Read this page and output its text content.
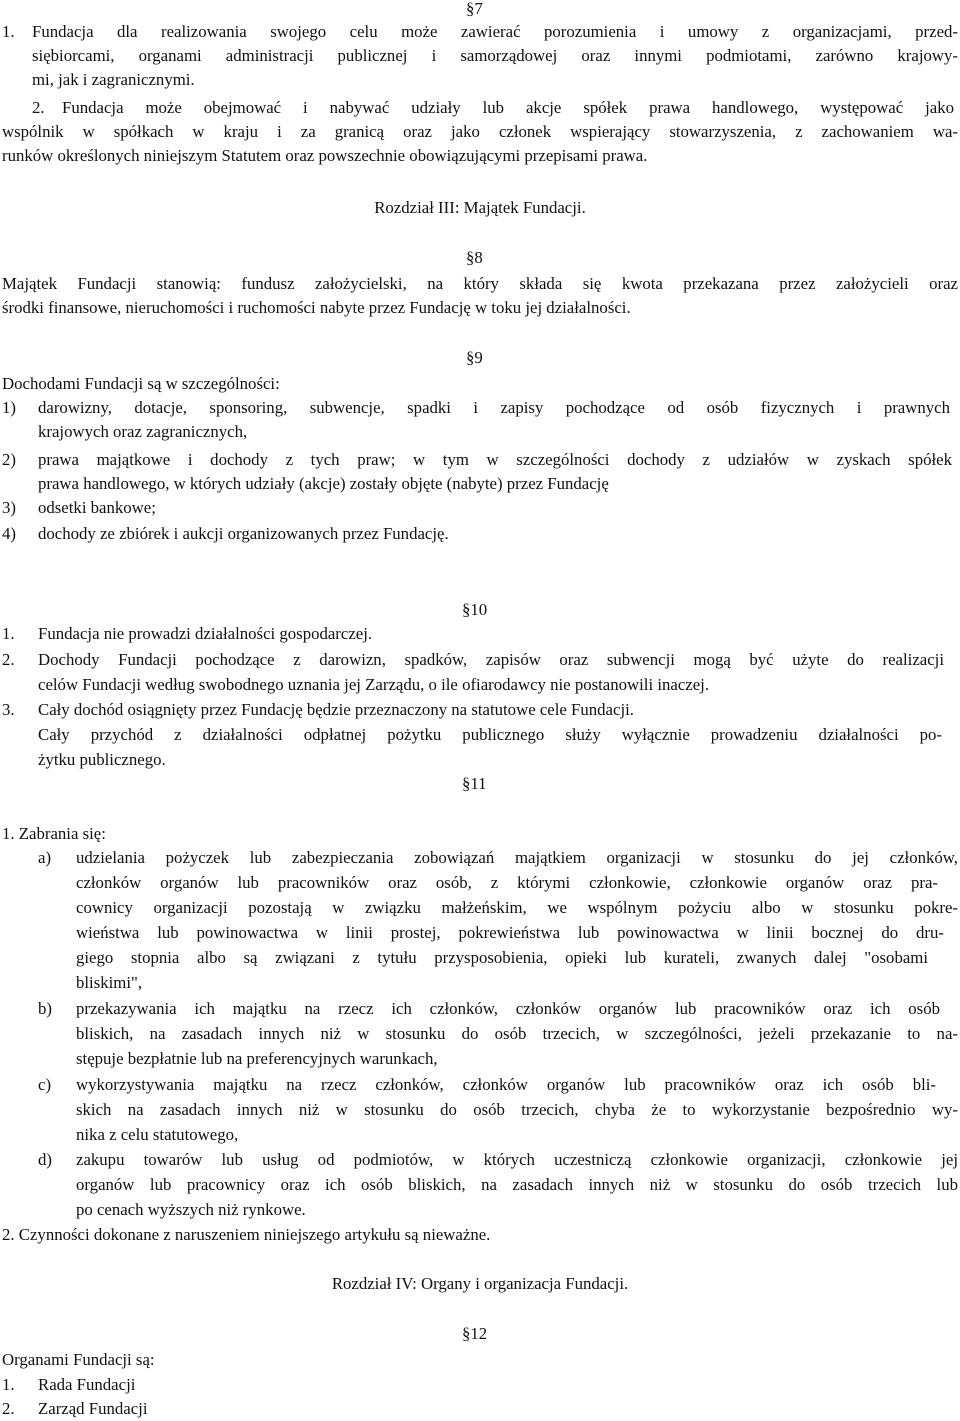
§7
1. Fundacja dla realizowania swojego celu może zawierać porozumienia i umowy z organizacjami, przed-
siębiorcami, organami administracji publicznej i samorządowej oraz innymi podmiotami, zarówno krajowy-
mi, jak i zagranicznymi.
2. Fundacja może obejmować i nabywać udziały lub akcje spółek prawa handlowego, występować jako
wspólnik w spółkach w kraju i za granicą oraz jako członek wspierający stowarzyszenia, z zachowaniem wa-
runków określonych niniejszym Statutem oraz powszechnie obowiązującymi przepisami prawa.
Rozdział III: Majątek Fundacji.
§8
Majątek Fundacji stanowią: fundusz założycielski, na który składa się kwota przekazana przez założycieli oraz
środki finansowe, nieruchomości i ruchomości nabyte przez Fundację w toku jej działalności.
§9
Dochodami Fundacji są w szczególności:
1) darowizny, dotacje, sponsoring, subwencje, spadki i zapisy pochodzące od osób fizycznych i prawnych
krajowych oraz zagranicznych,
2) prawa majątkowe i dochody z tych praw; w tym w szczególności dochody z udziałów w zyskach spółek
prawa handlowego, w których udziały (akcje) zostały objęte (nabyte) przez Fundację
3) odsetki bankowe;
4) dochody ze zbiórek i aukcji organizowanych przez Fundację.
§10
1. Fundacja nie prowadzi działalności gospodarczej.
2. Dochody Fundacji pochodzące z darowizn, spadków, zapisów oraz subwencji mogą być użyte do realizacji
celów Fundacji według swobodnego uznania jej Zarządu, o ile ofiarodawcy nie postanowili inaczej.
3. Cały dochód osiągnięty przez Fundację będzie przeznaczony na statutowe cele Fundacji.
Cały przychód z działalności odpłatnej pożytku publicznego służy wyłącznie prowadzeniu działalności po-
żytku publicznego.
§11
1. Zabrania się:
a) udzielania pożyczek lub zabezpieczania zobowiązań majątkiem organizacji w stosunku do jej członków,
członków organów lub pracowników oraz osób, z którymi członkowie, członkowie organów oraz pra-
cownicy organizacji pozostają w związku małżeńskim, we wspólnym pożyciu albo w stosunku pokre-
wieństwa lub powinowactwa w linii prostej, pokrewieństwa lub powinowactwa w linii bocznej do dru-
giego stopnia albo są związani z tytułu przysposobienia, opieki lub kurateli, zwanych dalej "osobami
bliskimi",
b) przekazywania ich majątku na rzecz ich członków, członków organów lub pracowników oraz ich osób
bliskich, na zasadach innych niż w stosunku do osób trzecich, w szczególności, jeżeli przekazanie to na-
stępuje bezpłatnie lub na preferencyjnych warunkach,
c) wykorzystywania majątku na rzecz członków, członków organów lub pracowników oraz ich osób bli-
skich na zasadach innych niż w stosunku do osób trzecich, chyba że to wykorzystanie bezpośrednio wy-
nika z celu statutowego,
d) zakupu towarów lub usług od podmiotów, w których uczestniczą członkowie organizacji, członkowie jej
organów lub pracownicy oraz ich osób bliskich, na zasadach innych niż w stosunku do osób trzecich lub
po cenach wyższych niż rynkowe.
2. Czynności dokonane z naruszeniem niniejszego artykułu są nieważne.
Rozdział IV: Organy i organizacja Fundacji.
§12
Organami Fundacji są:
1. Rada Fundacji
2. Zarząd Fundacji
